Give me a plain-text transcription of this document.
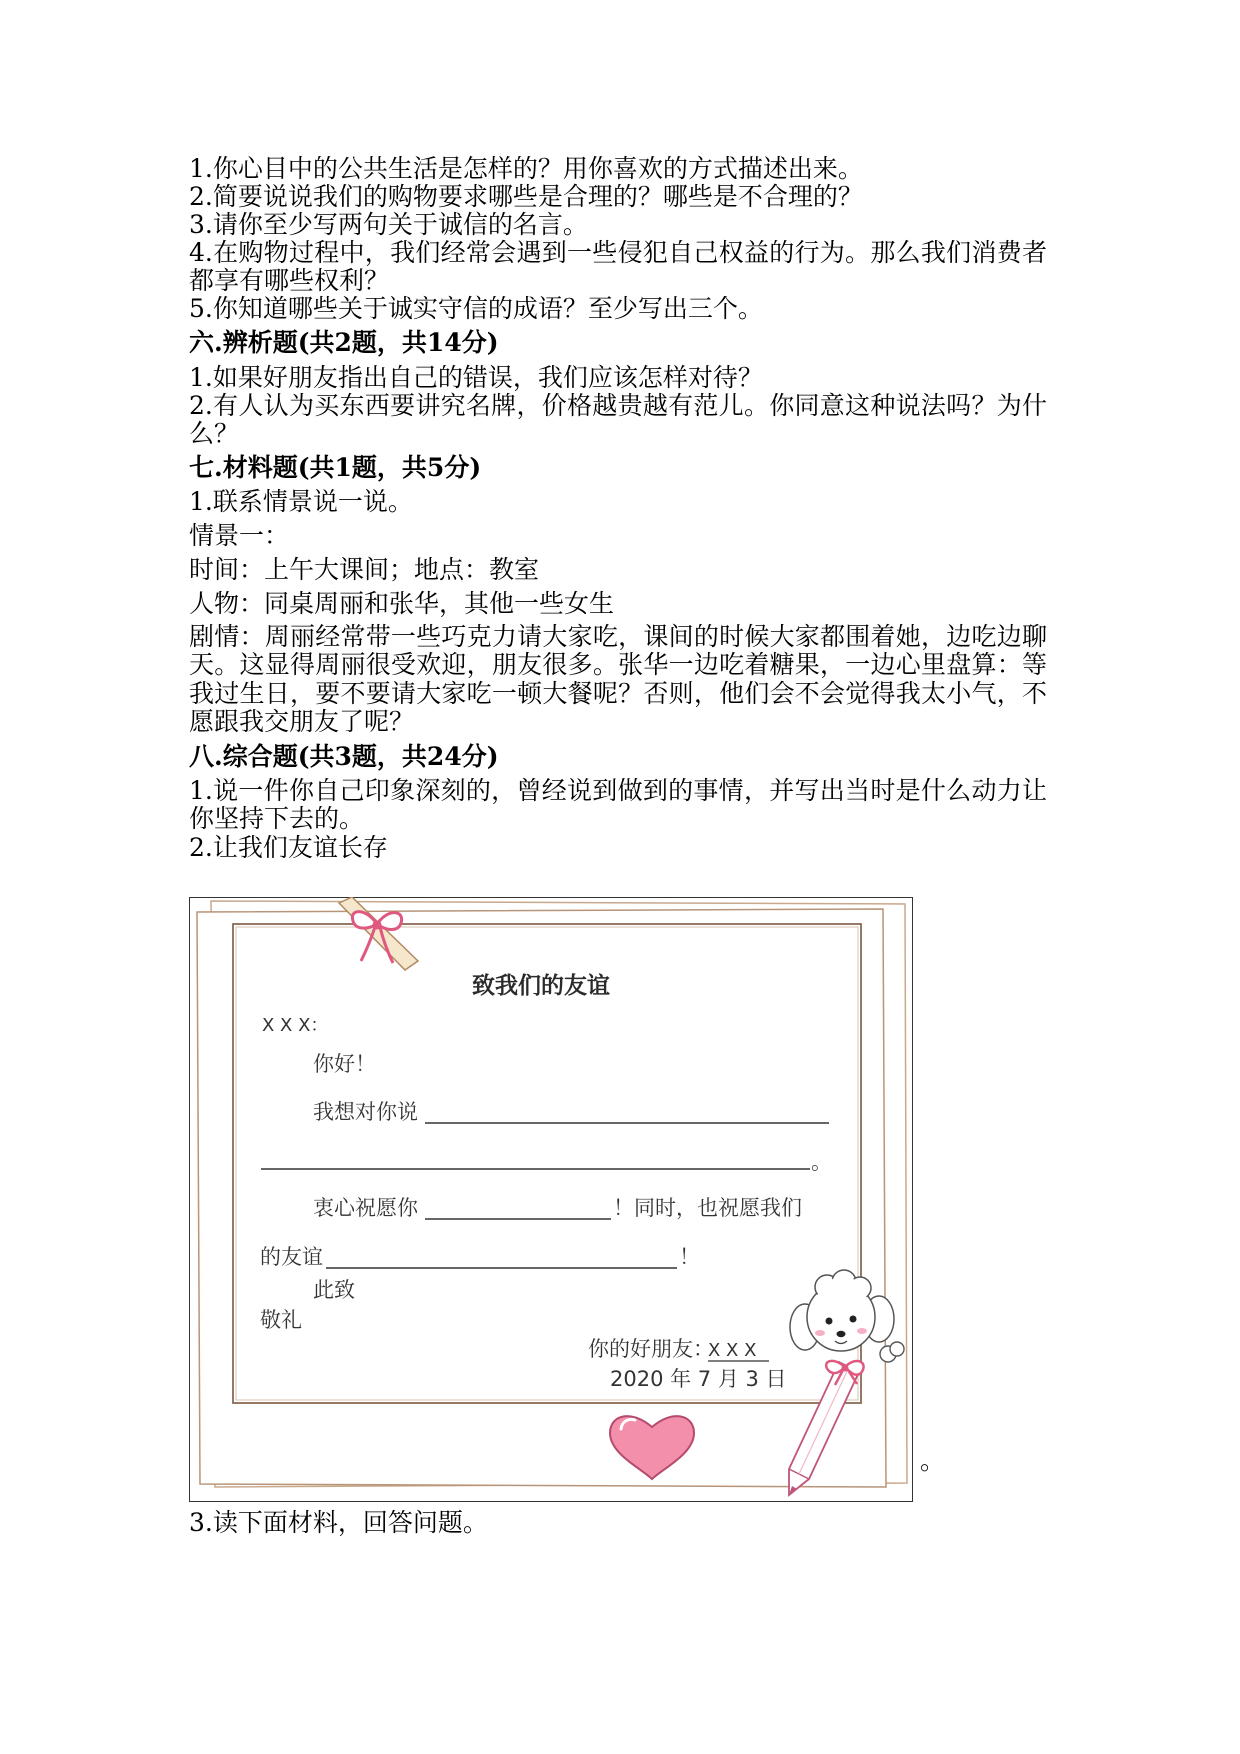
1.你心目中的公共生活是怎样的？用你喜欢的方式描述出来。
2.简要说说我们的购物要求哪些是合理的？哪些是不合理的？
3.请你至少写两句关于诚信的名言。
4.在购物过程中，我们经常会遇到一些侵犯自己权益的行为。那么我们消费者
都享有哪些权利？
5.你知道哪些关于诚实守信的成语？至少写出三个。
六.辨析题(共2题，共14分)
1.如果好朋友指出自己的错误，我们应该怎样对待？
2.有人认为买东西要讲究名牌，价格越贵越有范儿。你同意这种说法吗？为什
么？
七.材料题(共1题，共5分)
1.联系情景说一说。
情景一：
时间：上午大课间；地点：教室
人物：同桌周丽和张华，其他一些女生
剧情：周丽经常带一些巧克力请大家吃，课间的时候大家都围着她，边吃边聊
天。这显得周丽很受欢迎，朋友很多。张华一边吃着糖果，一边心里盘算：等
我过生日，要不要请大家吃一顿大餐呢？否则，他们会不会觉得我太小气，不
愿跟我交朋友了呢？
八.综合题(共3题，共24分)
1.说一件你自己印象深刻的，曾经说到做到的事情，并写出当时是什么动力让
你坚持下去的。
2.让我们友谊长存
致我们的友谊
X X X：
你好！
我想对你说
。
衷心祝愿你	！同时，也祝愿我们
的友谊	！
此致
敬礼
你的好朋友：
X X X
2020 年 7 月 3 日
。
3.读下面材料，回答问题。
